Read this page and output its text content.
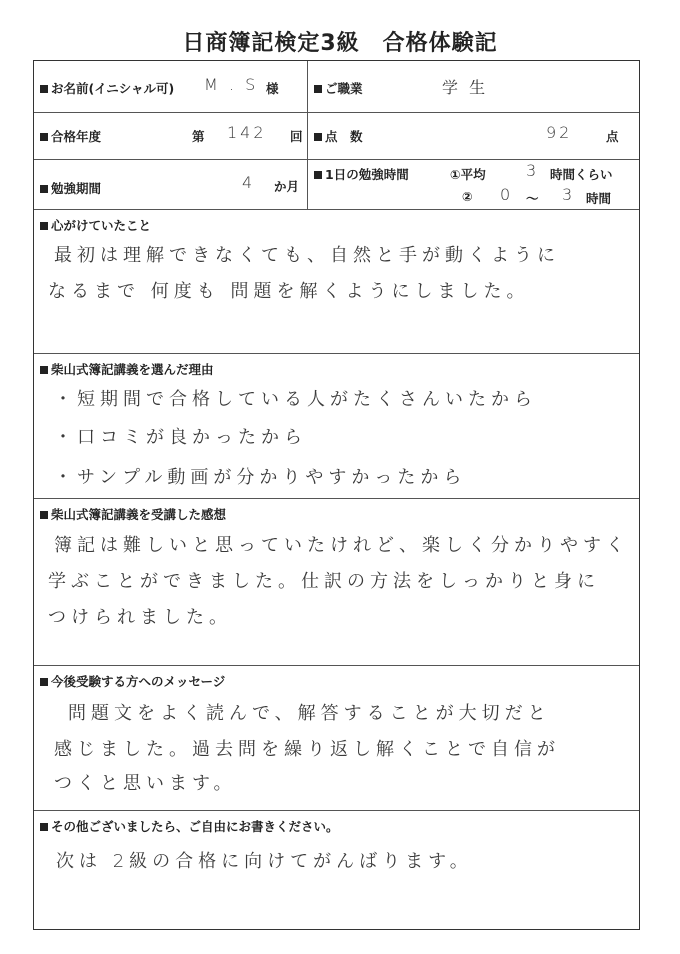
日商簿記検定3級　合格体験記
お名前(イニシャル可) M . S 様	ご職業	学 生
合格年度	第 142 回	点　数	92	点
勉強期間	4 か月
1日の勉強時間	①平均	3 時間くらい
② 0 ～ 3 時間
心がけていたこと
最初は理解できなくても、自然と手が動くように
なるまで 何度も 問題を解くようにしました。
柴山式簿記講義を選んだ理由
・短期間で合格している人がたくさんいたから
・口コミが良かったから
・サンプル動画が分かりやすかったから
柴山式簿記講義を受講した感想
簿記は難しいと思っていたけれど、楽しく分かりやすく
学ぶことができました。仕訳の方法をしっかりと身に
つけられました。
今後受験する方へのメッセージ
問題文をよく読んで、解答することが大切だと
感じました。過去問を繰り返し解くことで自信が
つくと思います。
その他ございましたら、ご自由にお書きください。
次は 2級の合格に向けてがんばります。
